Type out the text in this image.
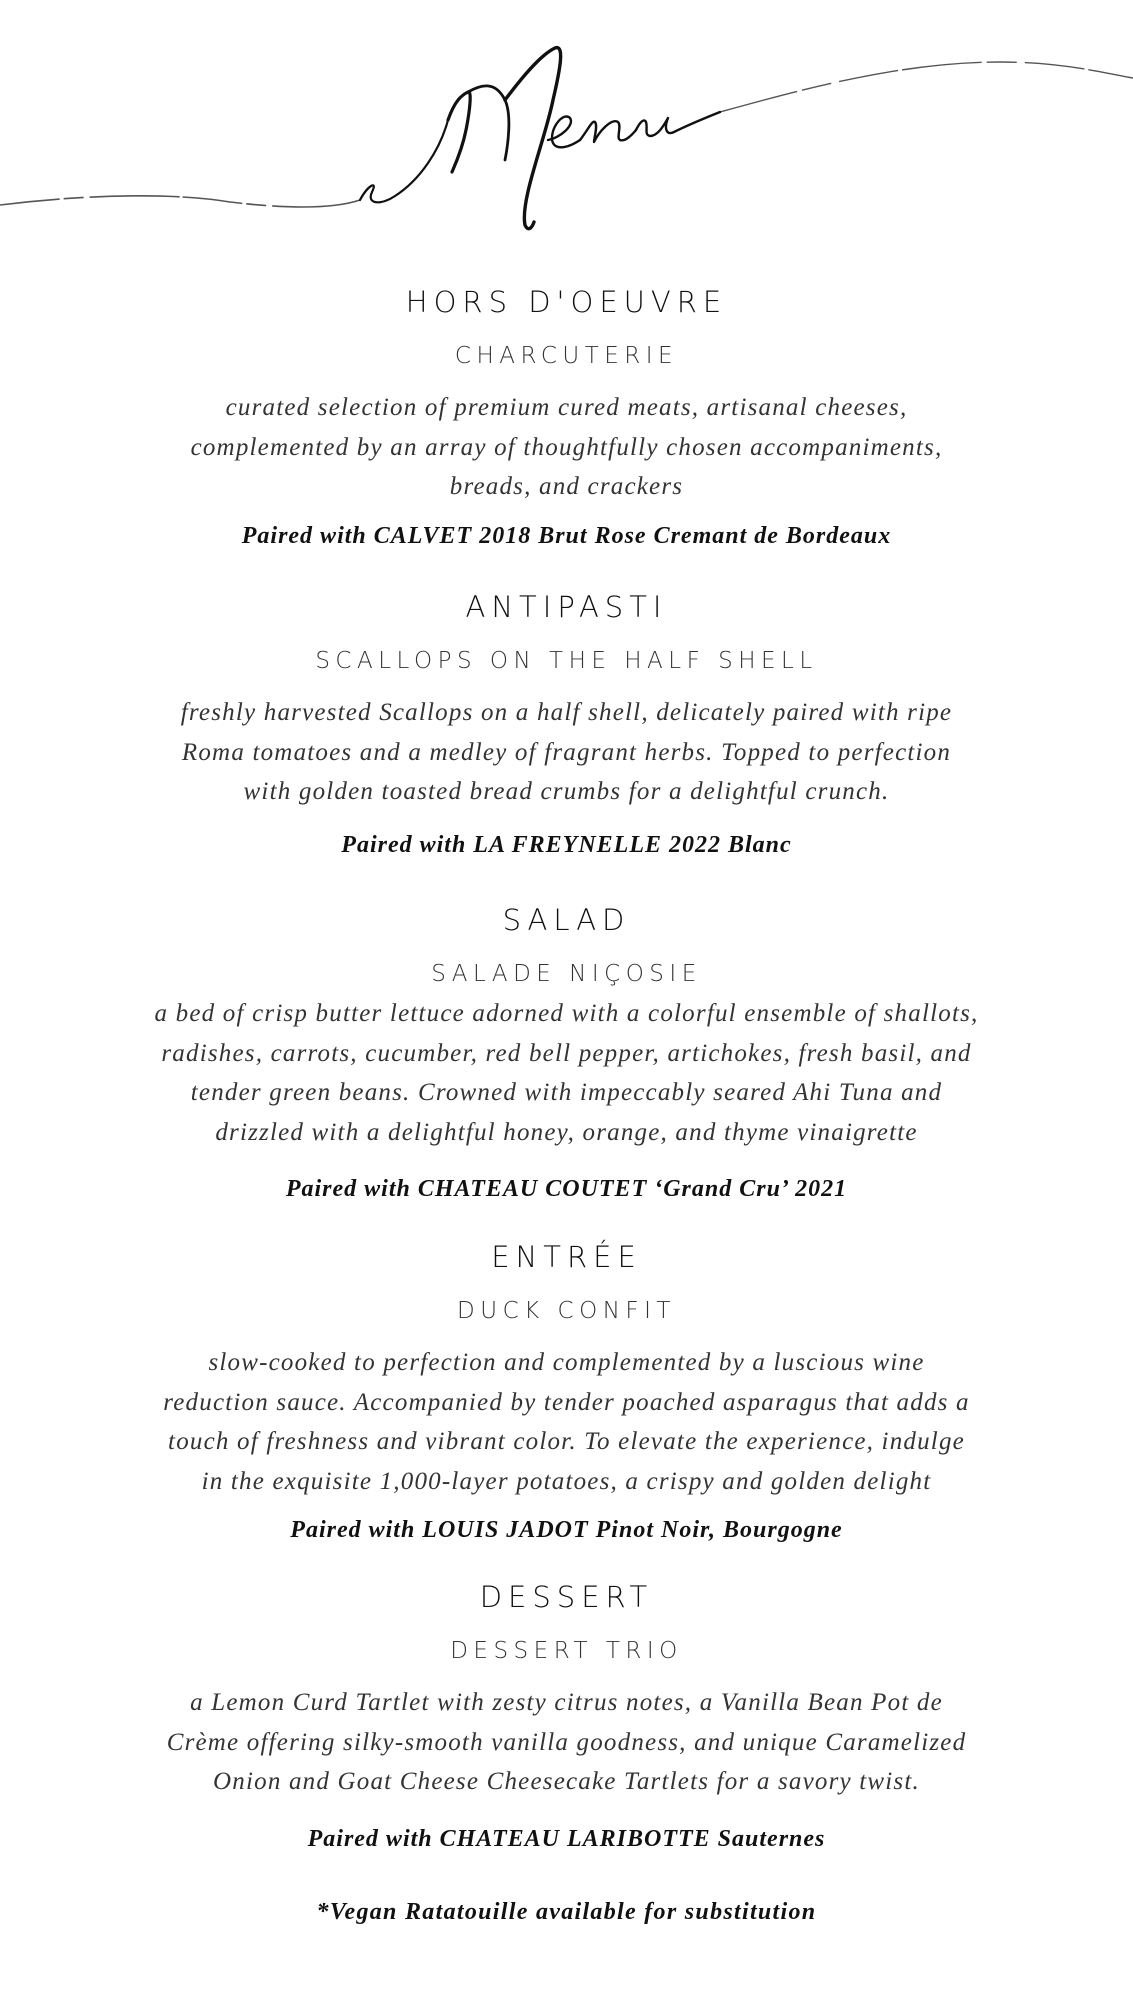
HORS D'OEUVRE
CHARCUTERIE

curated selection of premium cured meats, artisanal cheeses, complemented by an array of thoughtfully chosen accompaniments, breads, and crackers

Paired with CALVET 2018 Brut Rose Cremant de Bordeaux

ANTIPASTI
SCALLOPS ON THE HALF SHELL

freshly harvested Scallops on a half shell, delicately paired with ripe Roma tomatoes and a medley of fragrant herbs. Topped to perfection with golden toasted bread crumbs for a delightful crunch.

Paired with LA FREYNELLE 2022 Blanc

SALAD
SALADE NIÇOSIE

a bed of crisp butter lettuce adorned with a colorful ensemble of shallots, radishes, carrots, cucumber, red bell pepper, artichokes, fresh basil, and tender green beans. Crowned with impeccably seared Ahi Tuna and drizzled with a delightful honey, orange, and thyme vinaigrette

Paired with CHATEAU COUTET ‘Grand Cru’ 2021

ENTRÉE
DUCK CONFIT

slow-cooked to perfection and complemented by a luscious wine reduction sauce. Accompanied by tender poached asparagus that adds a touch of freshness and vibrant color. To elevate the experience, indulge in the exquisite 1,000-layer potatoes, a crispy and golden delight

Paired with LOUIS JADOT Pinot Noir, Bourgogne

DESSERT
DESSERT TRIO

a Lemon Curd Tartlet with zesty citrus notes, a Vanilla Bean Pot de Crème offering silky-smooth vanilla goodness, and unique Caramelized Onion and Goat Cheese Cheesecake Tartlets for a savory twist.

Paired with CHATEAU LARIBOTTE Sauternes

*Vegan Ratatouille available for substitution
